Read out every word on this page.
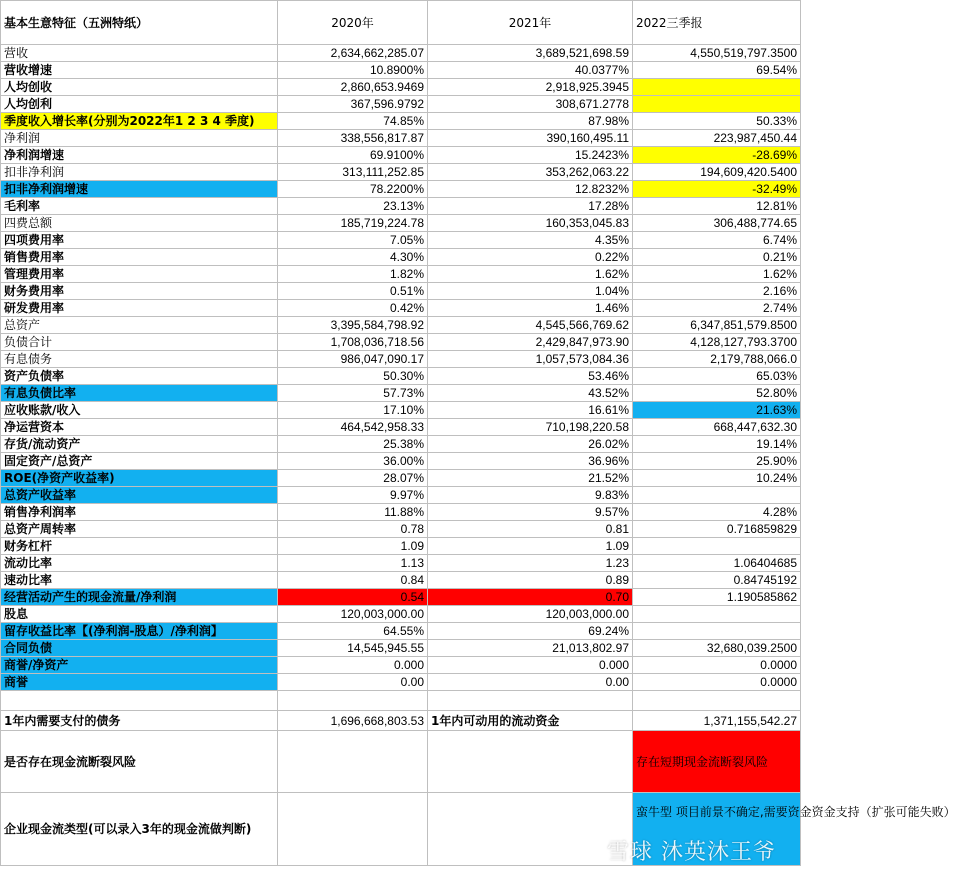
基本生意特征（五洲特纸）	2020年	2021年	2022三季报
营收	2,634,662,285.07	3,689,521,698.59	4,550,519,797.3500
营收增速	10.8900%	40.0377%	69.54%
人均创收	2,860,653.9469	2,918,925.3945	
人均创利	367,596.9792	308,671.2778	
季度收入增长率(分别为2022年1 2 3 4 季度)	74.85%	87.98%	50.33%
净利润	338,556,817.87	390,160,495.11	223,987,450.44
净利润增速	69.9100%	15.2423%	-28.69%
扣非净利润	313,111,252.85	353,262,063.22	194,609,420.5400
扣非净利润增速	78.2200%	12.8232%	-32.49%
毛利率	23.13%	17.28%	12.81%
四费总额	185,719,224.78	160,353,045.83	306,488,774.65
四项费用率	7.05%	4.35%	6.74%
销售费用率	4.30%	0.22%	0.21%
管理费用率	1.82%	1.62%	1.62%
财务费用率	0.51%	1.04%	2.16%
研发费用率	0.42%	1.46%	2.74%
总资产	3,395,584,798.92	4,545,566,769.62	6,347,851,579.8500
负债合计	1,708,036,718.56	2,429,847,973.90	4,128,127,793.3700
有息债务	986,047,090.17	1,057,573,084.36	2,179,788,066.0
资产负债率	50.30%	53.46%	65.03%
有息负债比率	57.73%	43.52%	52.80%
应收账款/收入	17.10%	16.61%	21.63%
净运营资本	464,542,958.33	710,198,220.58	668,447,632.30
存货/流动资产	25.38%	26.02%	19.14%
固定资产/总资产	36.00%	36.96%	25.90%
ROE(净资产收益率)	28.07%	21.52%	10.24%
总资产收益率	9.97%	9.83%	
销售净利润率	11.88%	9.57%	4.28%
总资产周转率	0.78	0.81	0.716859829
财务杠杆	1.09	1.09	
流动比率	1.13	1.23	1.06404685
速动比率	0.84	0.89	0.84745192
经营活动产生的现金流量/净利润	0.54	0.70	1.190585862
股息	120,003,000.00	120,003,000.00	
留存收益比率【(净利润-股息）/净利润】	64.55%	69.24%	
合同负债	14,545,945.55	21,013,802.97	32,680,039.2500
商誉/净资产	0.000	0.000	0.0000
商誉	0.00	0.00	0.0000

1年内需要支付的债务	1,696,668,803.53	1年内可动用的流动资金	1,371,155,542.27
是否存在现金流断裂风险			存在短期现金流断裂风险
企业现金流类型(可以录入3年的现金流做判断)			蛮牛型 项目前景不确定,需要资金资金支持（扩张可能失败）
雪球 沐英沐王爷
